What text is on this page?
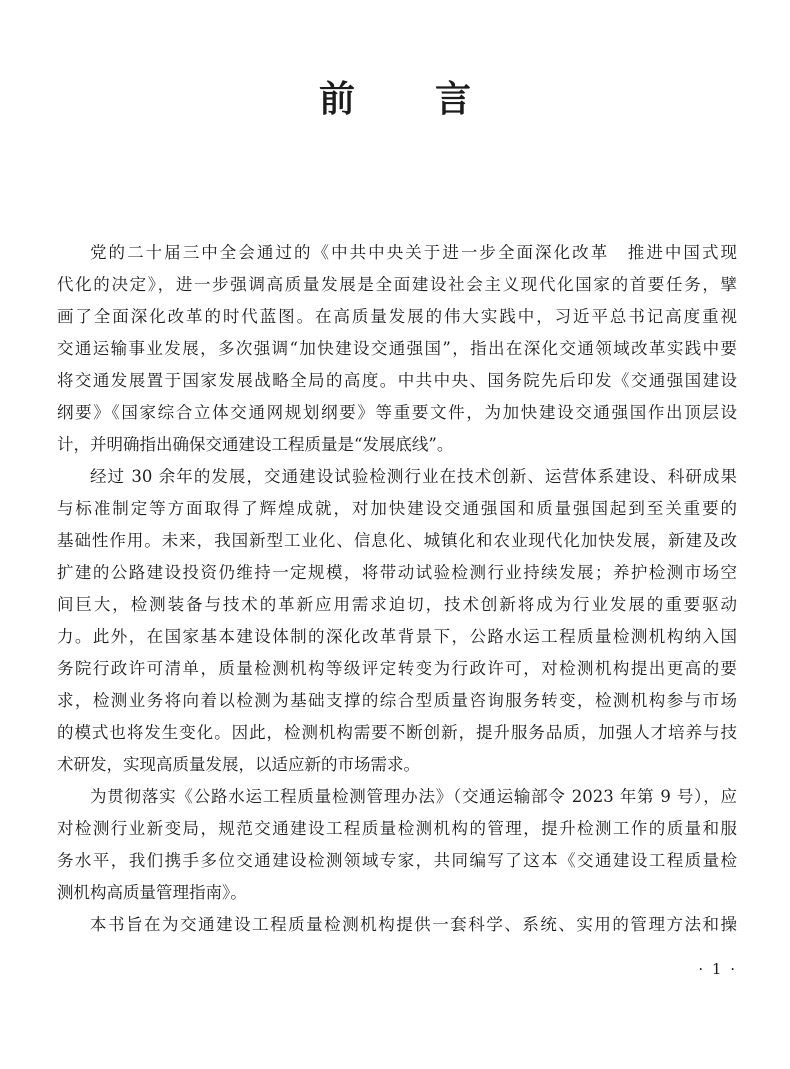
前　言
党的二十届三中全会通过的《中共中央关于进一步全面深化改革　推进中国式现
代化的决定》，进一步强调高质量发展是全面建设社会主义现代化国家的首要任务，擘
画了全面深化改革的时代蓝图。在高质量发展的伟大实践中，习近平总书记高度重视
交通运输事业发展，多次强调“加快建设交通强国”，指出在深化交通领域改革实践中要
将交通发展置于国家发展战略全局的高度。中共中央、国务院先后印发《交通强国建设
纲要》《国家综合立体交通网规划纲要》等重要文件，为加快建设交通强国作出顶层设
计，并明确指出确保交通建设工程质量是“发展底线”。
经过 30 余年的发展，交通建设试验检测行业在技术创新、运营体系建设、科研成果
与标准制定等方面取得了辉煌成就，对加快建设交通强国和质量强国起到至关重要的
基础性作用。未来，我国新型工业化、信息化、城镇化和农业现代化加快发展，新建及改
扩建的公路建设投资仍维持一定规模，将带动试验检测行业持续发展；养护检测市场空
间巨大，检测装备与技术的革新应用需求迫切，技术创新将成为行业发展的重要驱动
力。此外，在国家基本建设体制的深化改革背景下，公路水运工程质量检测机构纳入国
务院行政许可清单，质量检测机构等级评定转变为行政许可，对检测机构提出更高的要
求，检测业务将向着以检测为基础支撑的综合型质量咨询服务转变，检测机构参与市场
的模式也将发生变化。因此，检测机构需要不断创新，提升服务品质，加强人才培养与技
术研发，实现高质量发展，以适应新的市场需求。
为贯彻落实《公路水运工程质量检测管理办法》（交通运输部令 2023 年第 9 号），应
对检测行业新变局，规范交通建设工程质量检测机构的管理，提升检测工作的质量和服
务水平，我们携手多位交通建设检测领域专家，共同编写了这本《交通建设工程质量检
测机构高质量管理指南》。
本书旨在为交通建设工程质量检测机构提供一套科学、系统、实用的管理方法和操
· 1 ·
